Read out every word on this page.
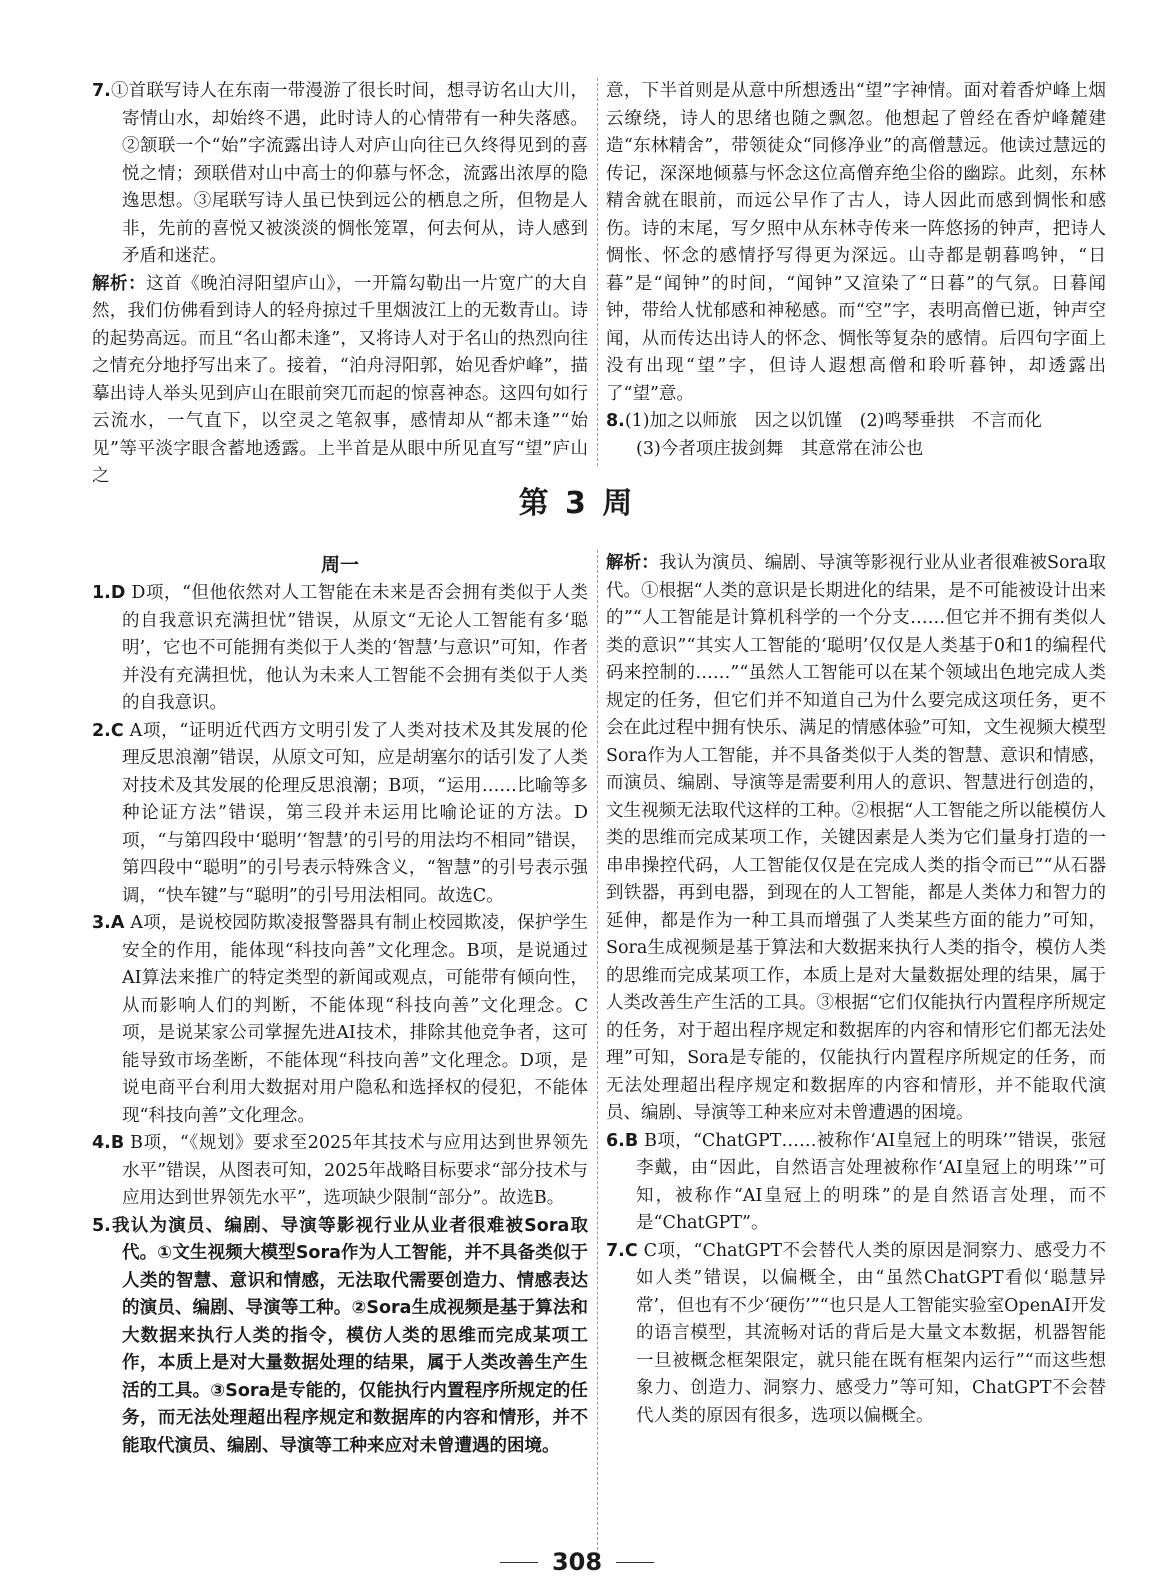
7.①首联写诗人在东南一带漫游了很长时间，想寻访名山大川，寄情山水，却始终不遇，此时诗人的心情带有一种失落感。②颔联一个“始”字流露出诗人对庐山向往已久终得见到的喜悦之情；颈联借对山中高士的仰慕与怀念，流露出浓厚的隐逸思想。③尾联写诗人虽已快到远公的栖息之所，但物是人非，先前的喜悦又被淡淡的惆怅笼罩，何去何从，诗人感到矛盾和迷茫。

解析：这首《晚泊浔阳望庐山》，一开篇勾勒出一片宽广的大自然，我们仿佛看到诗人的轻舟掠过千里烟波江上的无数青山。诗的起势高远。而且“名山都未逢”，又将诗人对于名山的热烈向往之情充分地抒写出来了。接着，“泊舟浔阳郭，始见香炉峰”，描摹出诗人举头见到庐山在眼前突兀而起的惊喜神态。这四句如行云流水，一气直下，以空灵之笔叙事，感情却从“都未逢”“始见”等平淡字眼含蓄地透露。上半首是从眼中所见直写“望”庐山之

意，下半首则是从意中所想透出“望”字神情。面对着香炉峰上烟云缭绕，诗人的思绪也随之飘忽。他想起了曾经在香炉峰麓建造“东林精舍”，带领徒众“同修净业”的高僧慧远。他读过慧远的传记，深深地倾慕与怀念这位高僧弃绝尘俗的幽踪。此刻，东林精舍就在眼前，而远公早作了古人，诗人因此而感到惆怅和感伤。诗的末尾，写夕照中从东林寺传来一阵悠扬的钟声，把诗人惆怅、怀念的感情抒写得更为深远。山寺都是朝暮鸣钟，“日暮”是“闻钟”的时间，“闻钟”又渲染了“日暮”的气氛。日暮闻钟，带给人忧郁感和神秘感。而“空”字，表明高僧已逝，钟声空闻，从而传达出诗人的怀念、惆怅等复杂的感情。后四句字面上没有出现“望”字，但诗人遐想高僧和聆听暮钟，却透露出了“望”意。

8.(1)加之以师旅　因之以饥馑　(2)鸣琴垂拱　不言而化

(3)今者项庄拔剑舞　其意常在沛公也

第 3 周
周一

1.D D项，“但他依然对人工智能在未来是否会拥有类似于人类的自我意识充满担忧”错误，从原文“无论人工智能有多‘聪明’，它也不可能拥有类似于人类的‘智慧’与意识”可知，作者并没有充满担忧，他认为未来人工智能不会拥有类似于人类的自我意识。

2.C A项，“证明近代西方文明引发了人类对技术及其发展的伦理反思浪潮”错误，从原文可知，应是胡塞尔的话引发了人类对技术及其发展的伦理反思浪潮；B项，“运用……比喻等多种论证方法”错误，第三段并未运用比喻论证的方法。D项，“与第四段中‘聪明’‘智慧’的引号的用法均不相同”错误，第四段中“聪明”的引号表示特殊含义，“智慧”的引号表示强调，“快车键”与“聪明”的引号用法相同。故选C。

3.A A项，是说校园防欺凌报警器具有制止校园欺凌，保护学生安全的作用，能体现“科技向善”文化理念。B项，是说通过AI算法来推广的特定类型的新闻或观点，可能带有倾向性，从而影响人们的判断，不能体现“科技向善”文化理念。C项，是说某家公司掌握先进AI技术，排除其他竞争者，这可能导致市场垄断，不能体现“科技向善”文化理念。D项，是说电商平台利用大数据对用户隐私和选择权的侵犯，不能体现“科技向善”文化理念。

4.B B项，“《规划》要求至2025年其技术与应用达到世界领先水平”错误，从图表可知，2025年战略目标要求“部分技术与应用达到世界领先水平”，选项缺少限制“部分”。故选B。

5.我认为演员、编剧、导演等影视行业从业者很难被Sora取代。①文生视频大模型Sora作为人工智能，并不具备类似于人类的智慧、意识和情感，无法取代需要创造力、情感表达的演员、编剧、导演等工种。②Sora生成视频是基于算法和大数据来执行人类的指令，模仿人类的思维而完成某项工作，本质上是对大量数据处理的结果，属于人类改善生产生活的工具。③Sora是专能的，仅能执行内置程序所规定的任务，而无法处理超出程序规定和数据库的内容和情形，并不能取代演员、编剧、导演等工种来应对未曾遭遇的困境。

解析：我认为演员、编剧、导演等影视行业从业者很难被Sora取代。①根据“人类的意识是长期进化的结果，是不可能被设计出来的”“人工智能是计算机科学的一个分支……但它并不拥有类似人类的意识”“其实人工智能的‘聪明’仅仅是人类基于0和1的编程代码来控制的……”“虽然人工智能可以在某个领域出色地完成人类规定的任务，但它们并不知道自己为什么要完成这项任务，更不会在此过程中拥有快乐、满足的情感体验”可知，文生视频大模型Sora作为人工智能，并不具备类似于人类的智慧、意识和情感，而演员、编剧、导演等是需要利用人的意识、智慧进行创造的，文生视频无法取代这样的工种。②根据“人工智能之所以能模仿人类的思维而完成某项工作，关键因素是人类为它们量身打造的一串串操控代码，人工智能仅仅是在完成人类的指令而已”“从石器到铁器，再到电器，到现在的人工智能，都是人类体力和智力的延伸，都是作为一种工具而增强了人类某些方面的能力”可知，Sora生成视频是基于算法和大数据来执行人类的指令，模仿人类的思维而完成某项工作，本质上是对大量数据处理的结果，属于人类改善生产生活的工具。③根据“它们仅能执行内置程序所规定的任务，对于超出程序规定和数据库的内容和情形它们都无法处理”可知，Sora是专能的，仅能执行内置程序所规定的任务，而无法处理超出程序规定和数据库的内容和情形，并不能取代演员、编剧、导演等工种来应对未曾遭遇的困境。

6.B B项，“ChatGPT……被称作‘AI皇冠上的明珠’”错误，张冠李戴，由“因此，自然语言处理被称作‘AI皇冠上的明珠’”可知，被称作“AI皇冠上的明珠”的是自然语言处理，而不是“ChatGPT”。

7.C C项，“ChatGPT不会替代人类的原因是洞察力、感受力不如人类”错误，以偏概全，由“虽然ChatGPT看似‘聪慧异常’，但也有不少‘硬伤’”“也只是人工智能实验室OpenAI开发的语言模型，其流畅对话的背后是大量文本数据，机器智能一旦被概念框架限定，就只能在既有框架内运行”“而这些想象力、创造力、洞察力、感受力”等可知，ChatGPT不会替代人类的原因有很多，选项以偏概全。

308
